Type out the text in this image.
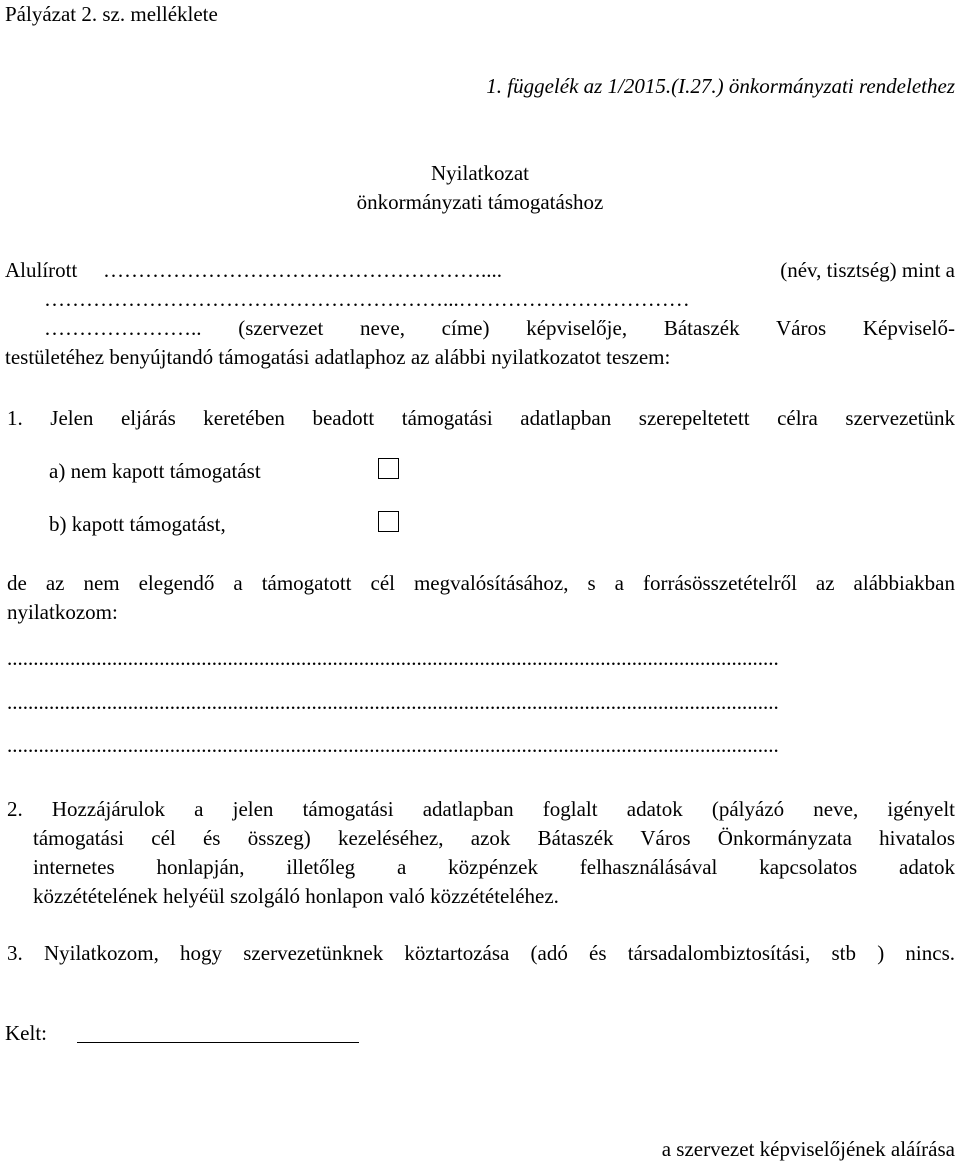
Pályázat 2. sz. melléklete
1. függelék az 1/2015.(I.27.) önkormányzati rendelethez
Nyilatkozat
önkormányzati támogatáshoz
Alulírott ………………………………………………....	(név, tisztség) mint a
…………………………………………………...……………………………
………………….. (szervezet neve, címe) képviselője, Bátaszék Város Képviselő-
testületéhez benyújtandó támogatási adatlaphoz az alábbi nyilatkozatot teszem:
1. Jelen eljárás keretében beadott támogatási adatlapban szerepeltetett célra szervezetünk
a) nem kapott támogatást
b) kapott támogatást,
de az nem elegendő a támogatott cél megvalósításához, s a forrásösszetételről az alábbiakban
nyilatkozom:
...................................................................................................................................................
...................................................................................................................................................
...................................................................................................................................................
2. Hozzájárulok a jelen támogatási adatlapban foglalt adatok (pályázó neve, igényelt
támogatási cél és összeg) kezeléséhez, azok Bátaszék Város Önkormányzata hivatalos
internetes honlapján, illetőleg a közpénzek felhasználásával kapcsolatos adatok
közzétételének helyéül szolgáló honlapon való közzétételéhez.
3. Nyilatkozom, hogy szervezetünknek köztartozása (adó és társadalombiztosítási, stb ) nincs.
Kelt:
a szervezet képviselőjének aláírása
